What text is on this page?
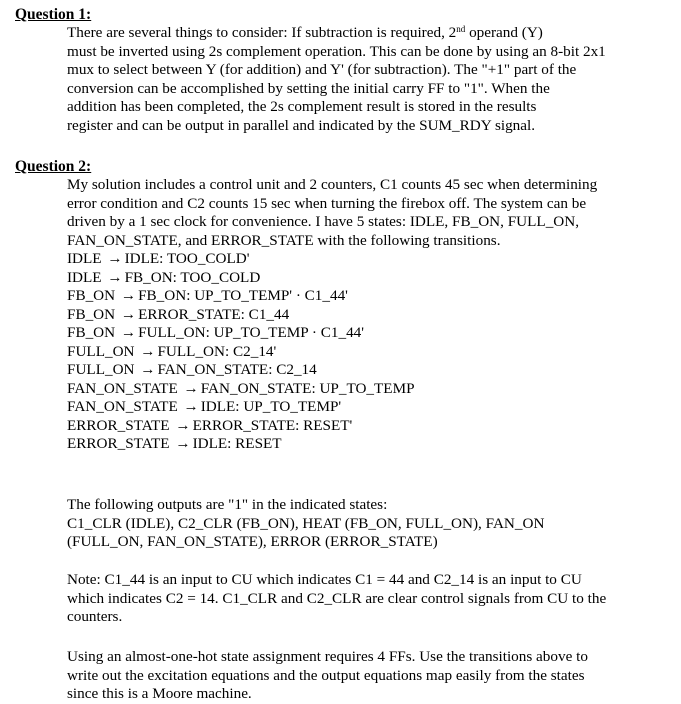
Question 1:
There are several things to consider: If subtraction is required, 2nd operand (Y)
must be inverted using 2s complement operation. This can be done by using an 8-bit 2x1
mux to select between Y (for addition) and Y' (for subtraction). The "+1" part of the
conversion can be accomplished by setting the initial carry FF to "1". When the
addition has been completed, the 2s complement result is stored in the results
register and can be output in parallel and indicated by the SUM_RDY signal.
Question 2:
My solution includes a control unit and 2 counters, C1 counts 45 sec when determining
error condition and C2 counts 15 sec when turning the firebox off. The system can be
driven by a 1 sec clock for convenience. I have 5 states: IDLE, FB_ON, FULL_ON,
FAN_ON_STATE, and ERROR_STATE with the following transitions.
IDLE → IDLE: TOO_COLD'
IDLE → FB_ON: TOO_COLD
FB_ON → FB_ON: UP_TO_TEMP' · C1_44'
FB_ON → ERROR_STATE: C1_44
FB_ON → FULL_ON: UP_TO_TEMP · C1_44'
FULL_ON → FULL_ON: C2_14'
FULL_ON → FAN_ON_STATE: C2_14
FAN_ON_STATE → FAN_ON_STATE: UP_TO_TEMP
FAN_ON_STATE → IDLE: UP_TO_TEMP'
ERROR_STATE → ERROR_STATE: RESET'
ERROR_STATE → IDLE: RESET
The following outputs are "1" in the indicated states:
C1_CLR (IDLE), C2_CLR (FB_ON), HEAT (FB_ON, FULL_ON), FAN_ON
(FULL_ON, FAN_ON_STATE), ERROR (ERROR_STATE)
Note: C1_44 is an input to CU which indicates C1 = 44 and C2_14 is an input to CU
which indicates C2 = 14. C1_CLR and C2_CLR are clear control signals from CU to the
counters.
Using an almost-one-hot state assignment requires 4 FFs. Use the transitions above to
write out the excitation equations and the output equations map easily from the states
since this is a Moore machine.
